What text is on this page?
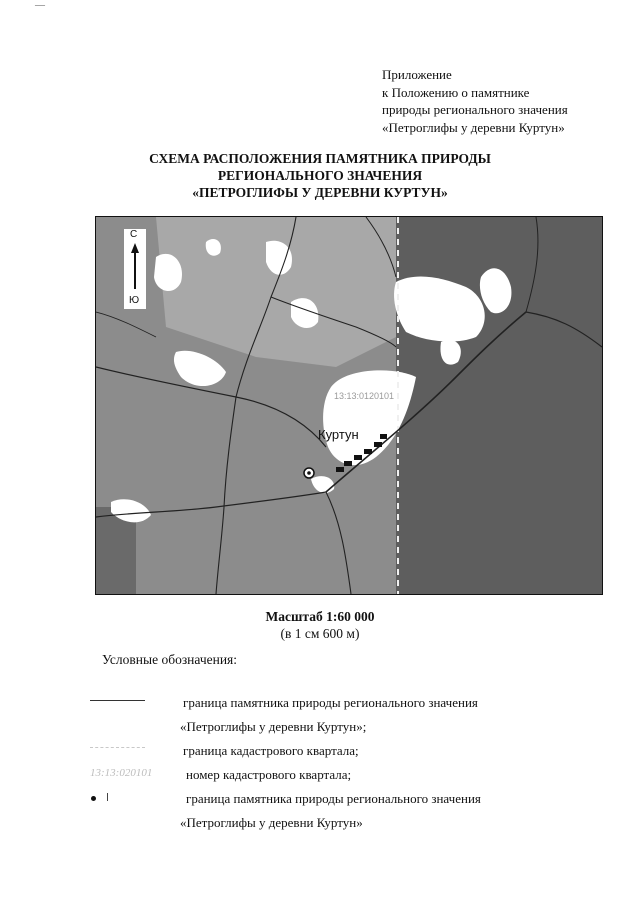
—
Приложение
к Положению о памятнике
природы регионального значения
«Петроглифы у деревни Куртун»
СХЕМА РАСПОЛОЖЕНИЯ ПАМЯТНИКА ПРИРОДЫ
РЕГИОНАЛЬНОГО ЗНАЧЕНИЯ
«ПЕТРОГЛИФЫ У ДЕРЕВНИ КУРТУН»
С
Ю
Куртун
13:13:0120101
Масштаб 1:60 000
(в 1 см 600 м)
Условные обозначения:
граница памятника природы регионального значения
«Петроглифы у деревни Куртун»;
граница кадастрового квартала;
13:13:020101	номер кадастрового квартала;
граница памятника природы регионального значения
«Петроглифы у деревни Куртун»
